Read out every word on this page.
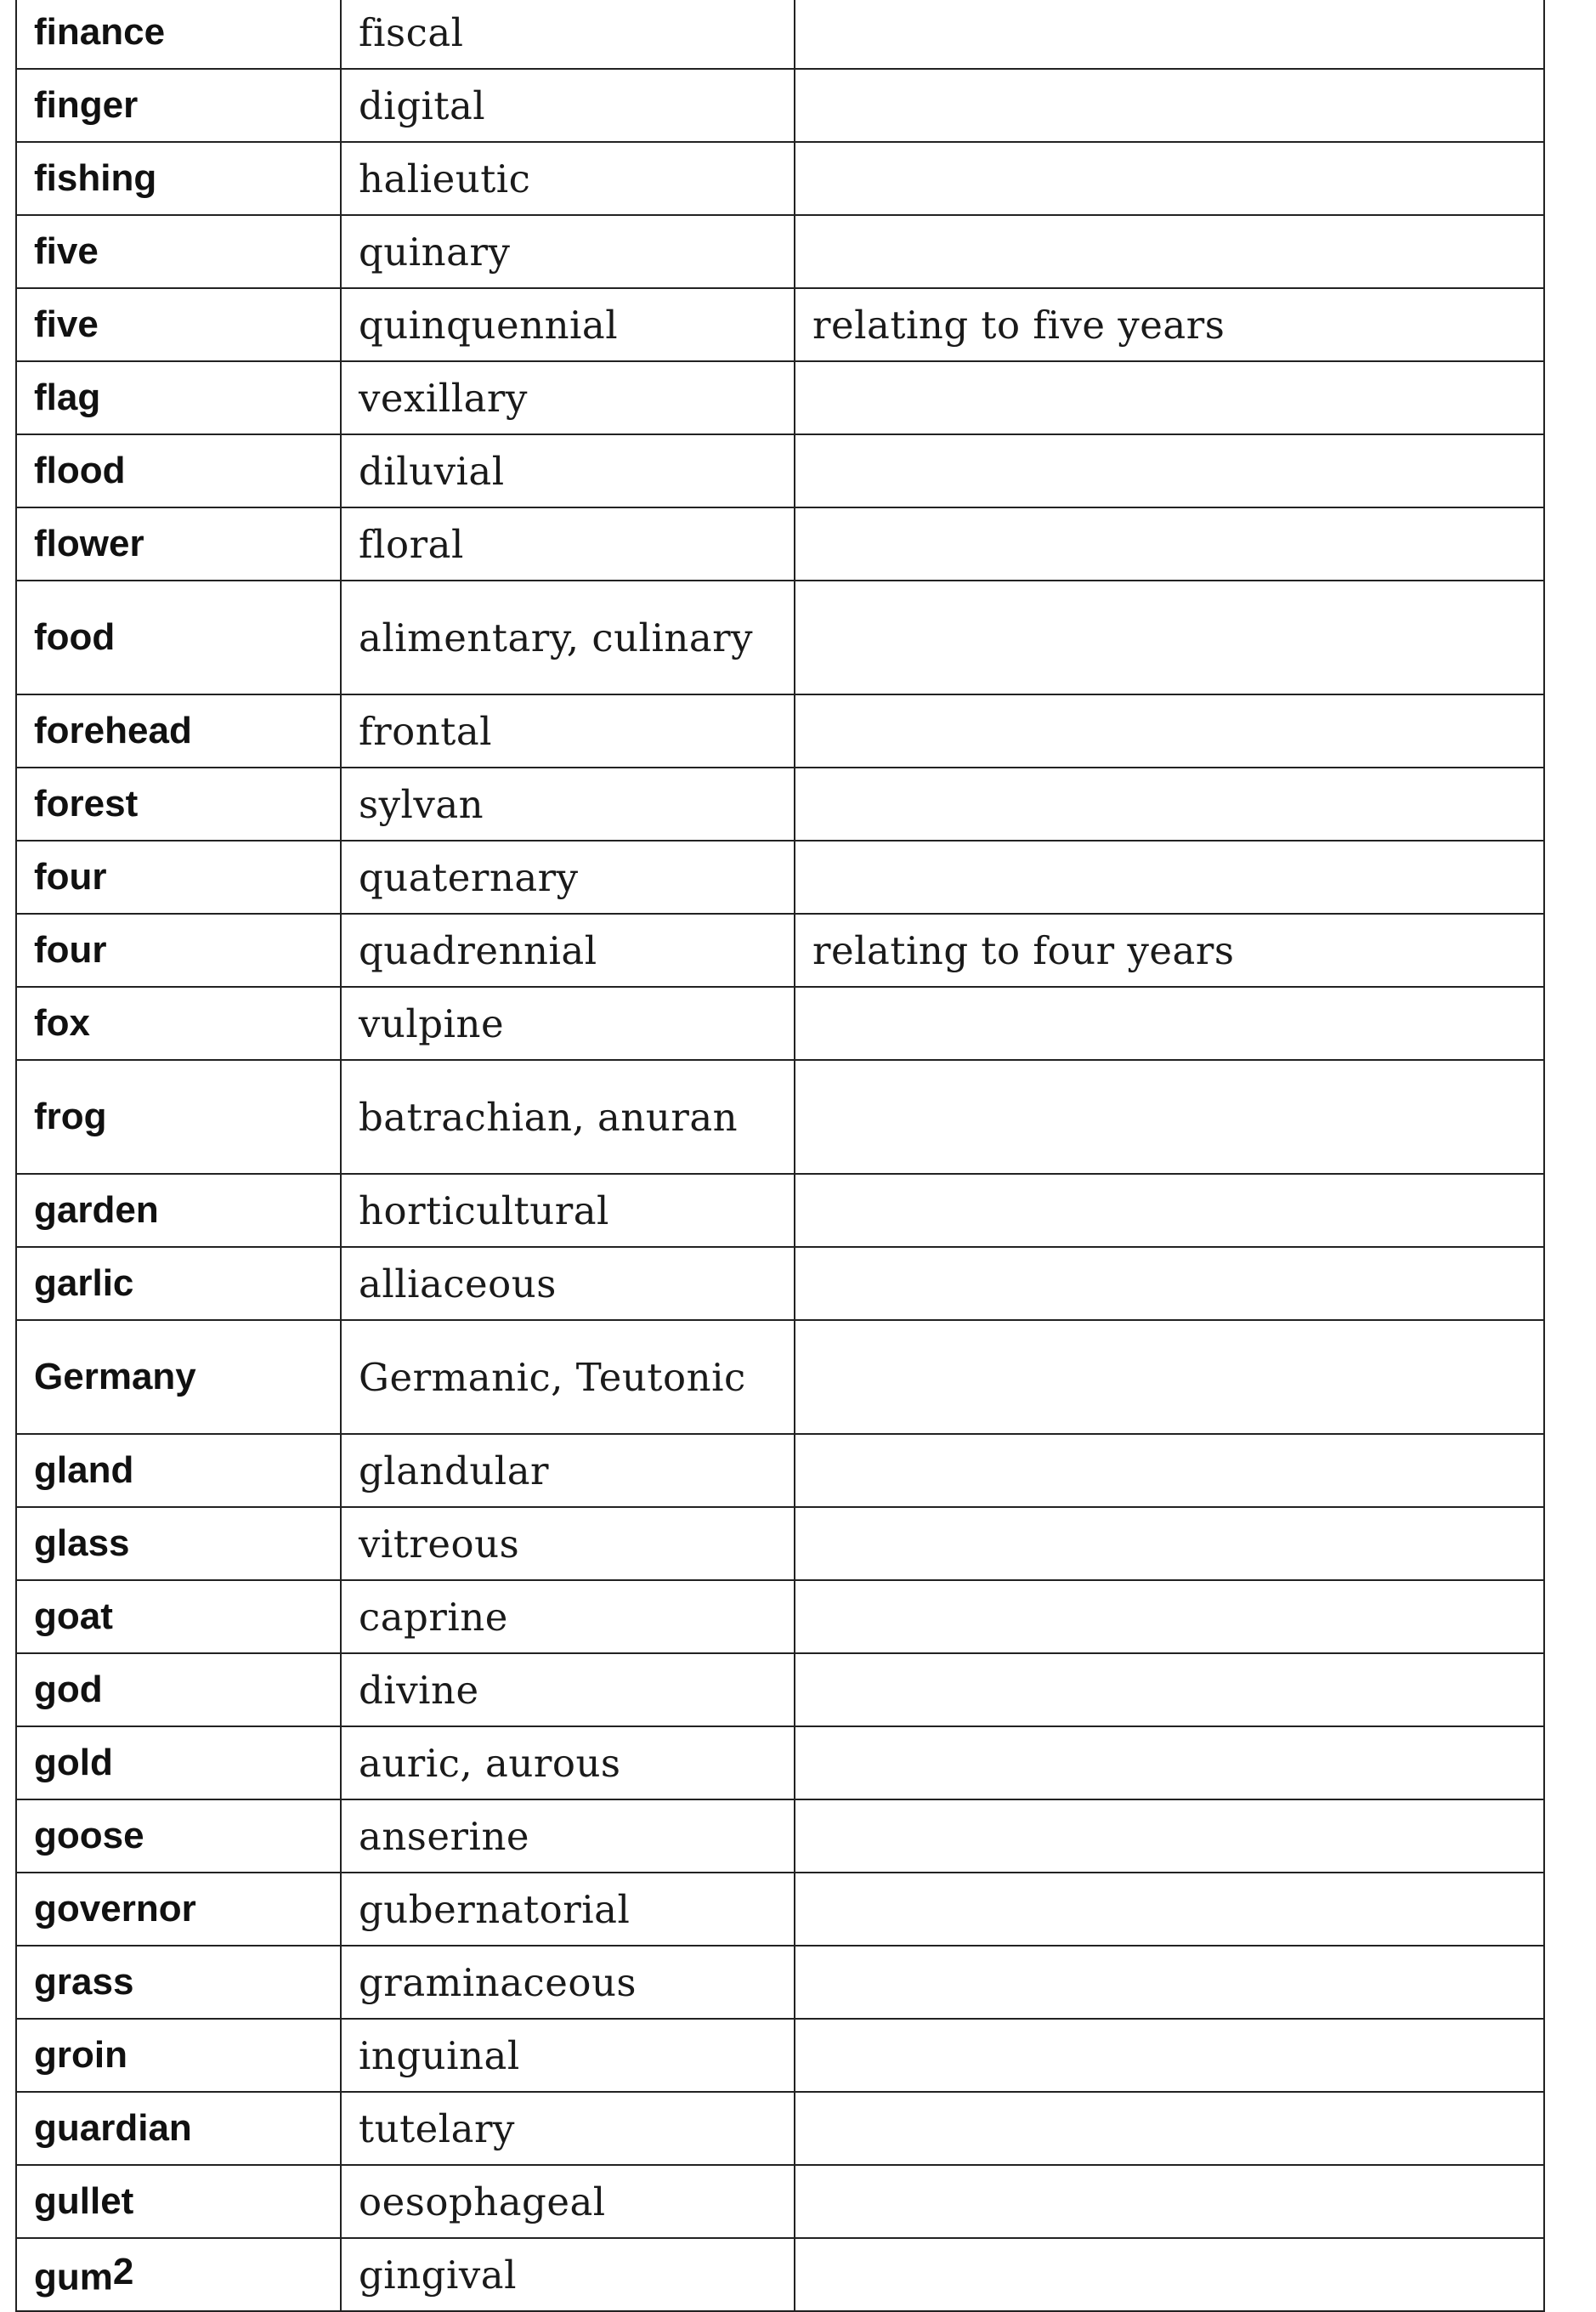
finance	fiscal	
finger	digital	
fishing	halieutic	
five	quinary	
five	quinquennial	relating to five years
flag	vexillary	
flood	diluvial	
flower	floral	
food	alimentary, culinary	
forehead	frontal	
forest	sylvan	
four	quaternary	
four	quadrennial	relating to four years
fox	vulpine	
frog	batrachian, anuran	
garden	horticultural	
garlic	alliaceous	
Germany	Germanic, Teutonic	
gland	glandular	
glass	vitreous	
goat	caprine	
god	divine	
gold	auric, aurous	
goose	anserine	
governor	gubernatorial	
grass	graminaceous	
groin	inguinal	
guardian	tutelary	
gullet	oesophageal	
gum$^2$	gingival	
